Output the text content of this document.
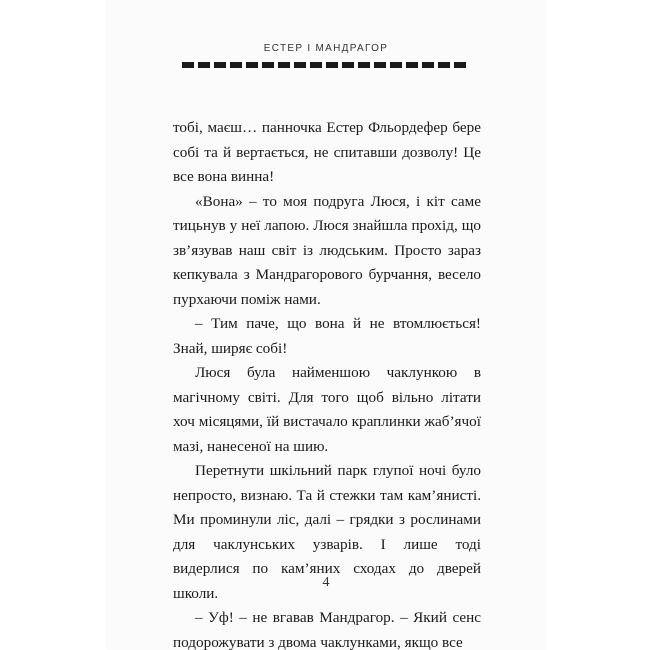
ЕСТЕР І МАНДРАГОР

тобі, маєш… панночка Естер Фльордефер бере собі та й вертається, не спитавши дозволу! Це все вона винна!

«Вона» – то моя подруга Люся, і кіт саме тицьнув у неї лапою. Люся знайшла прохід, що зв’язував наш світ із людським. Просто зараз кепкувала з Мандрагорового бурчання, весело пурхаючи поміж нами.

– Тим паче, що вона й не втомлюється! Знай, ширяє собі!

Люся була найменшою чаклункою в магічному світі. Для того щоб вільно літати хоч місяцями, їй вистачало краплинки жаб’ячої мазі, нанесеної на шию.

Перетнути шкільний парк глупої ночі було непросто, визнаю. Та й стежки там кам’янисті. Ми проминули ліс, далі – грядки з рослинами для чаклунських узварів. І лише тоді видерлися по кам’яних сходах до дверей школи.

– Уф! – не вгавав Мандрагор. – Який сенс подорожувати з двома чаклунками, якщо все

4
